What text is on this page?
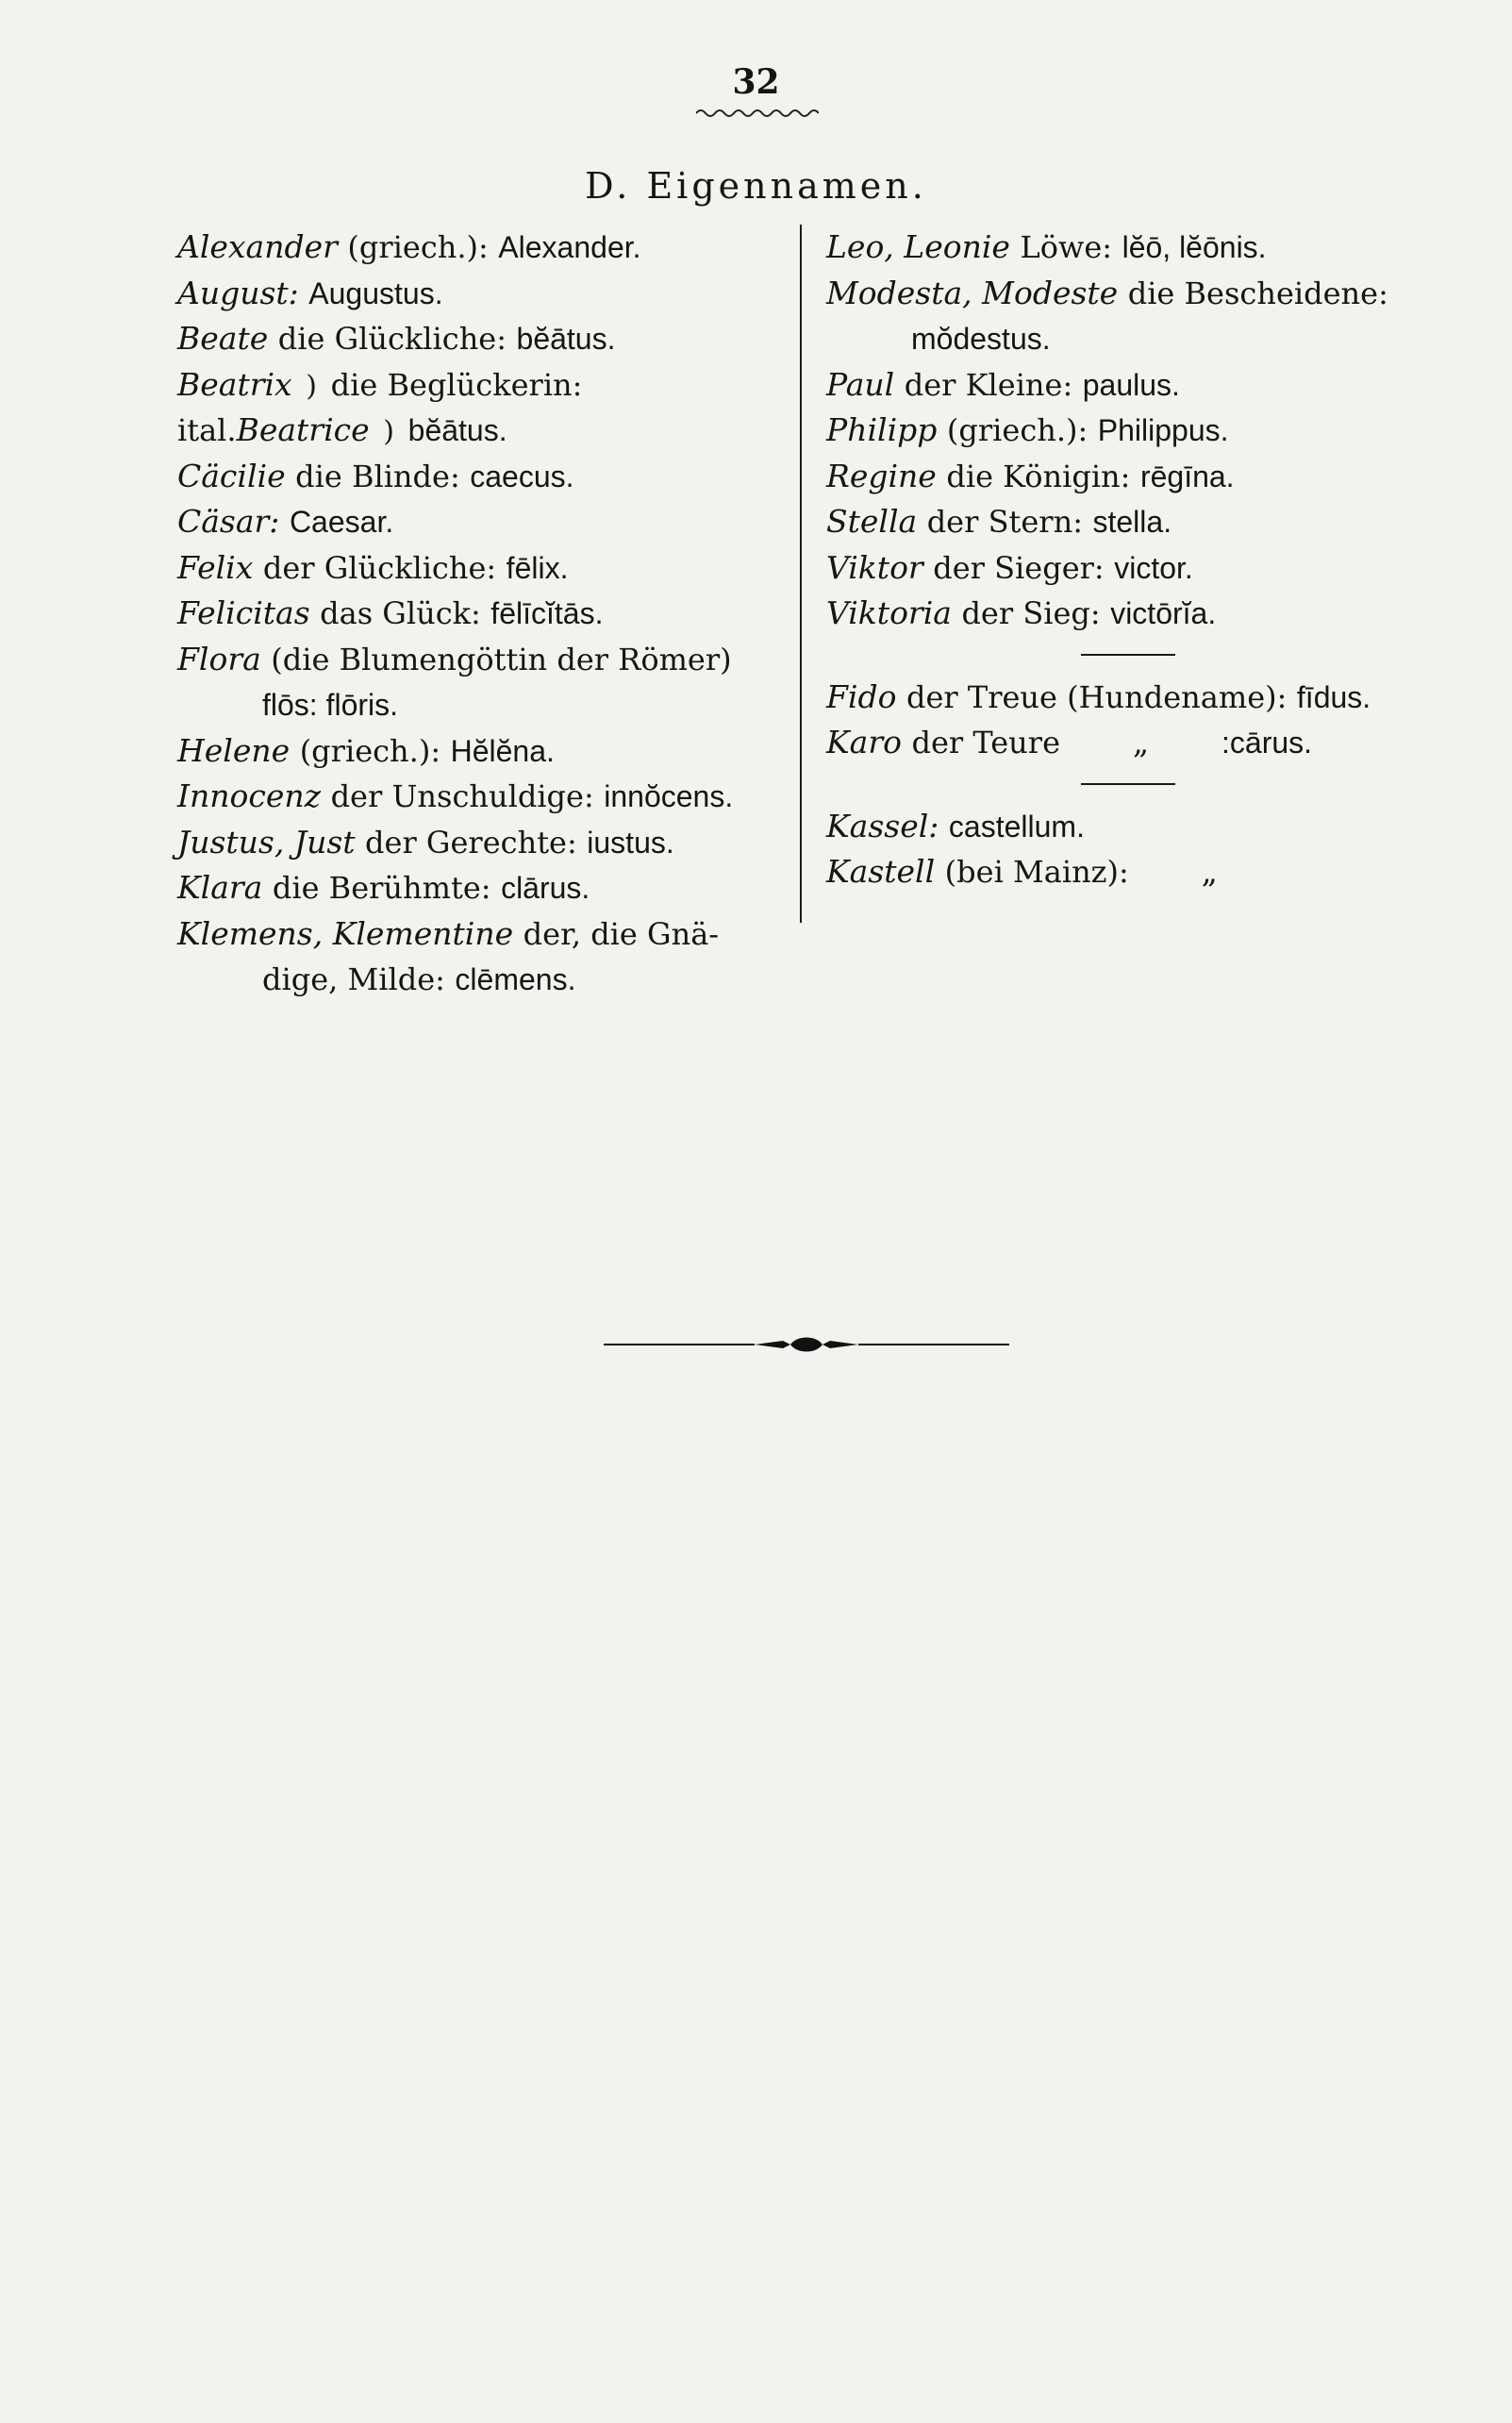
32
D. Eigennamen.
Alexander (griech.): Alexander.
August: Augustus.
Beate die Glückliche: bĕātus.
Beatrix ) die Beglückerin:
ital.Beatrice ) bĕātus.
Cäcilie die Blinde: caecus.
Cäsar: Caesar.
Felix der Glückliche: fēlix.
Felicitas das Glück: fēlīcĭtās.
Flora (die Blumengöttin der Römer)
flōs: flōris.
Helene (griech.): Hĕlĕna.
Innocenz der Unschuldige: innŏcens.
Justus, Just der Gerechte: iustus.
Klara die Berühmte: clārus.
Klemens, Klementine der, die Gnä-
dige, Milde: clēmens.
Leo, Leonie Löwe: lĕō, lĕōnis.
Modesta, Modeste die Bescheidene:
mŏdestus.
Paul der Kleine: paulus.
Philipp (griech.): Philippus.
Regine die Königin: rēgīna.
Stella der Stern: stella.
Viktor der Sieger: victor.
Viktoria der Sieg: victōrĭa.
Fido der Treue (Hundename): fīdus.
Karo der Teure „ :cārus.
Kassel: castellum.
Kastell (bei Mainz): „
